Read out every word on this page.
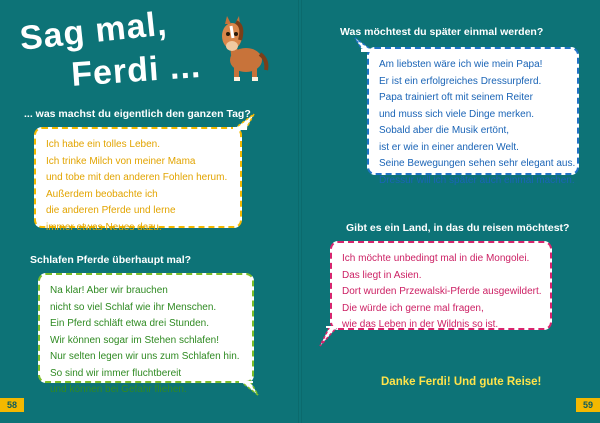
Sag mal,
Ferdi ...
... was machst du eigentlich den ganzen Tag?
Ich habe ein tolles Leben.
Ich trinke Milch von meiner Mama
und tobe mit den anderen Fohlen herum.
Außerdem beobachte ich
die anderen Pferde und lerne
immer etwas Neues dazu.
Schlafen Pferde überhaupt mal?
Na klar! Aber wir brauchen
nicht so viel Schlaf wie ihr Menschen.
Ein Pferd schläft etwa drei Stunden.
Wir können sogar im Stehen schlafen!
Nur selten legen wir uns zum Schlafen hin.
So sind wir immer fluchtbereit
und können bei Gefahr fliehen.
Was möchtest du später einmal werden?
Am liebsten wäre ich wie mein Papa!
Er ist ein erfolgreiches Dressurpferd.
Papa trainiert oft mit seinem Reiter
und muss sich viele Dinge merken.
Sobald aber die Musik ertönt,
ist er wie in einer anderen Welt.
Seine Bewegungen sehen sehr elegant aus.
Dressur will ich später auch einmal machen.
Gibt es ein Land, in das du reisen möchtest?
Ich möchte unbedingt mal in die Mongolei.
Das liegt in Asien.
Dort wurden Przewalski-Pferde ausgewildert.
Die würde ich gerne mal fragen,
wie das Leben in der Wildnis so ist.
Danke Ferdi! Und gute Reise!
58	59
